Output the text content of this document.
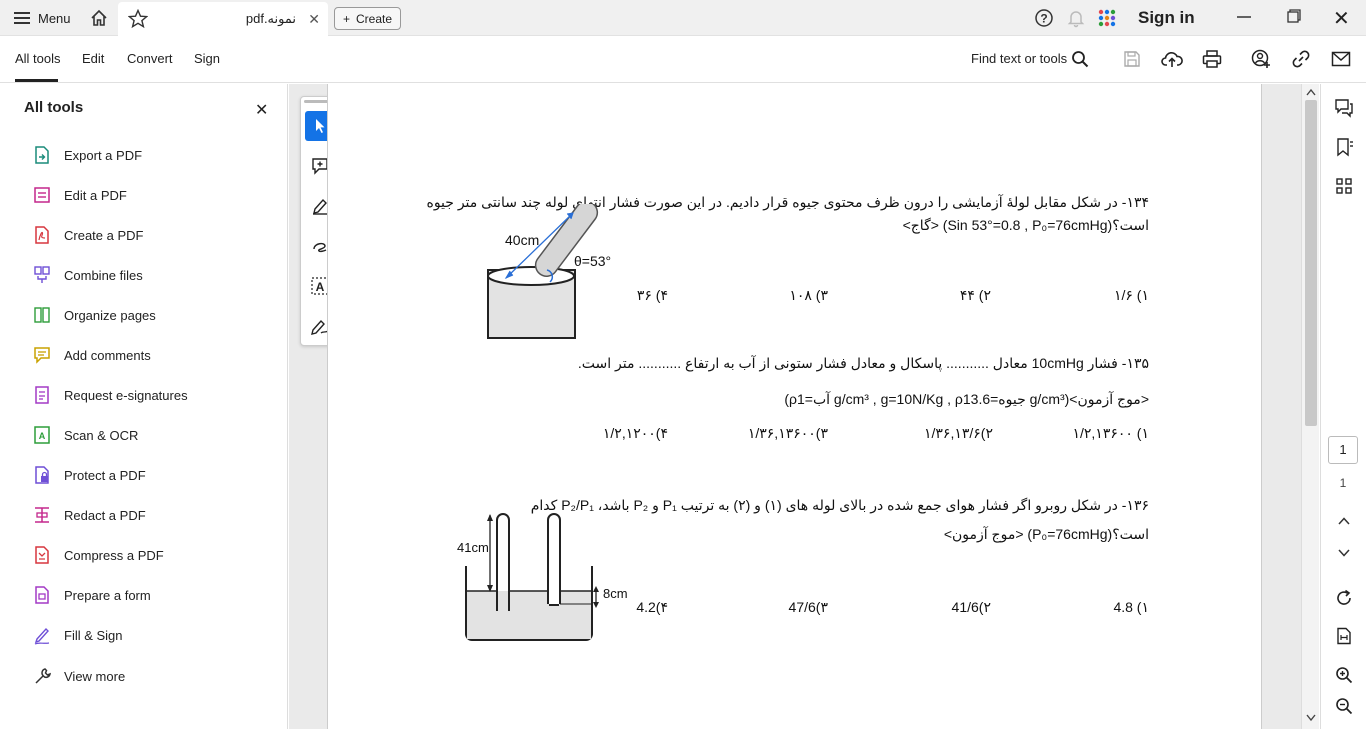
Menu	نمونه.pdf ✕ + Create	?	Sign in	✕
All tools Edit Convert Sign	Find text or tools
All tools	✕
Export a PDF
Edit a PDF
Create a PDF
Combine files
Organize pages
Add comments
Request e-signatures
A Scan & OCR
Protect a PDF
Redact a PDF
Compress a PDF
Prepare a form
Fill & Sign
View more
A
۱۳۴- در شکل مقابل لولهٔ آزمایشی را درون ظرف محتوی جیوه قرار دادیم. در این صورت فشار انتهای لوله چند سانتی متر جیوه
است؟(Sin 53°=0.8 , P₀=76cmHg) <گاج>
40cm
θ=53°
۱) ۱/۶
۲) ۴۴
۳) ۱۰۸
۴) ۳۶
۱۳۵- فشار 10cmHg معادل ........... پاسکال و معادل فشار ستونی از آب به ارتفاع ........... متر است.
(ρآب=1 g/cm³ , g=10N/Kg , ρجیوه=13.6 g/cm³)<موج آزمون>
۱) ۱/۲,۱۳۶۰۰
۲)۱/۳۶,۱۳/۶
۳)۱/۳۶,۱۳۶۰۰
۴)۱/۲,۱۲۰۰
۱۳۶- در شکل روبرو اگر فشار هوای جمع شده در بالای لوله های (۱) و (۲) به ترتیب P₁ و P₂ باشد، P₂/P₁ کدام
است؟(P₀=76cmHg) <موج آزمون>
41cm
8cm
۱) 4.8
۲)41/6
۳)47/6
۴)4.2
1
1
